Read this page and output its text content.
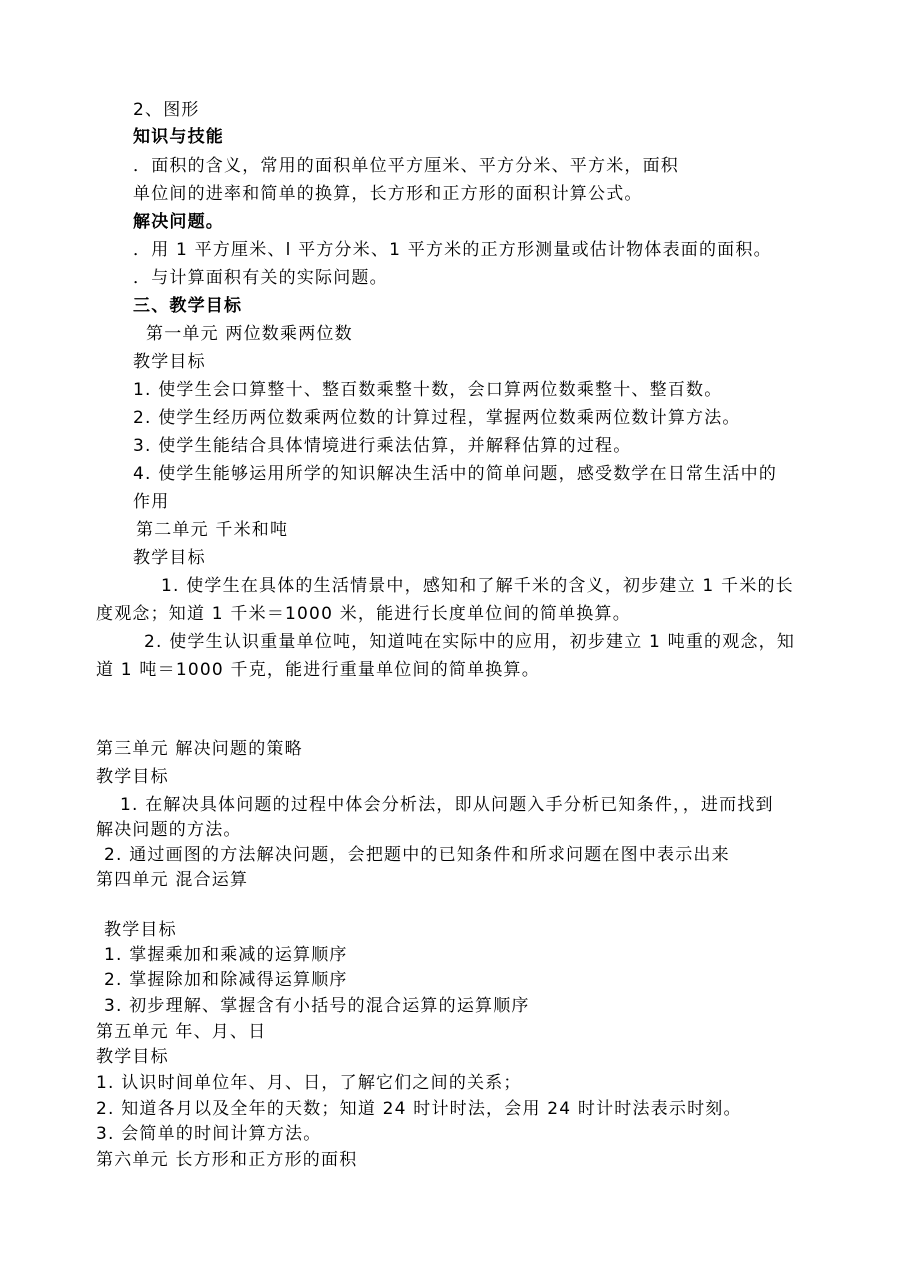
2、图形
知识与技能
．面积的含义，常用的面积单位平方厘米、平方分米、平方米，面积
单位间的进率和简单的换算，长方形和正方形的面积计算公式。
解决问题。
．用 1 平方厘米、l 平方分米、1 平方米的正方形测量或估计物体表面的面积。
．与计算面积有关的实际问题。
三、教学目标
第一单元 两位数乘两位数
教学目标
1. 使学生会口算整十、整百数乘整十数，会口算两位数乘整十、整百数。
2. 使学生经历两位数乘两位数的计算过程，掌握两位数乘两位数计算方法。
3. 使学生能结合具体情境进行乘法估算，并解释估算的过程。
4. 使学生能够运用所学的知识解决生活中的简单问题，感受数学在日常生活中的
作用
第二单元 千米和吨
教学目标
1. 使学生在具体的生活情景中，感知和了解千米的含义，初步建立 1 千米的长
度观念；知道 1 千米＝1000 米，能进行长度单位间的简单换算。
2. 使学生认识重量单位吨，知道吨在实际中的应用，初步建立 1 吨重的观念，知
道 1 吨＝1000 千克，能进行重量单位间的简单换算。
第三单元 解决问题的策略
教学目标
1. 在解决具体问题的过程中体会分析法，即从问题入手分析已知条件，，进而找到
解决问题的方法。
2. 通过画图的方法解决问题，会把题中的已知条件和所求问题在图中表示出来
第四单元 混合运算
教学目标
1. 掌握乘加和乘减的运算顺序
2. 掌握除加和除减得运算顺序
3. 初步理解、掌握含有小括号的混合运算的运算顺序
第五单元 年、月、日
教学目标
1. 认识时间单位年、月、日，了解它们之间的关系；
2. 知道各月以及全年的天数；知道 24 时计时法，会用 24 时计时法表示时刻。
3. 会简单的时间计算方法。
第六单元 长方形和正方形的面积
